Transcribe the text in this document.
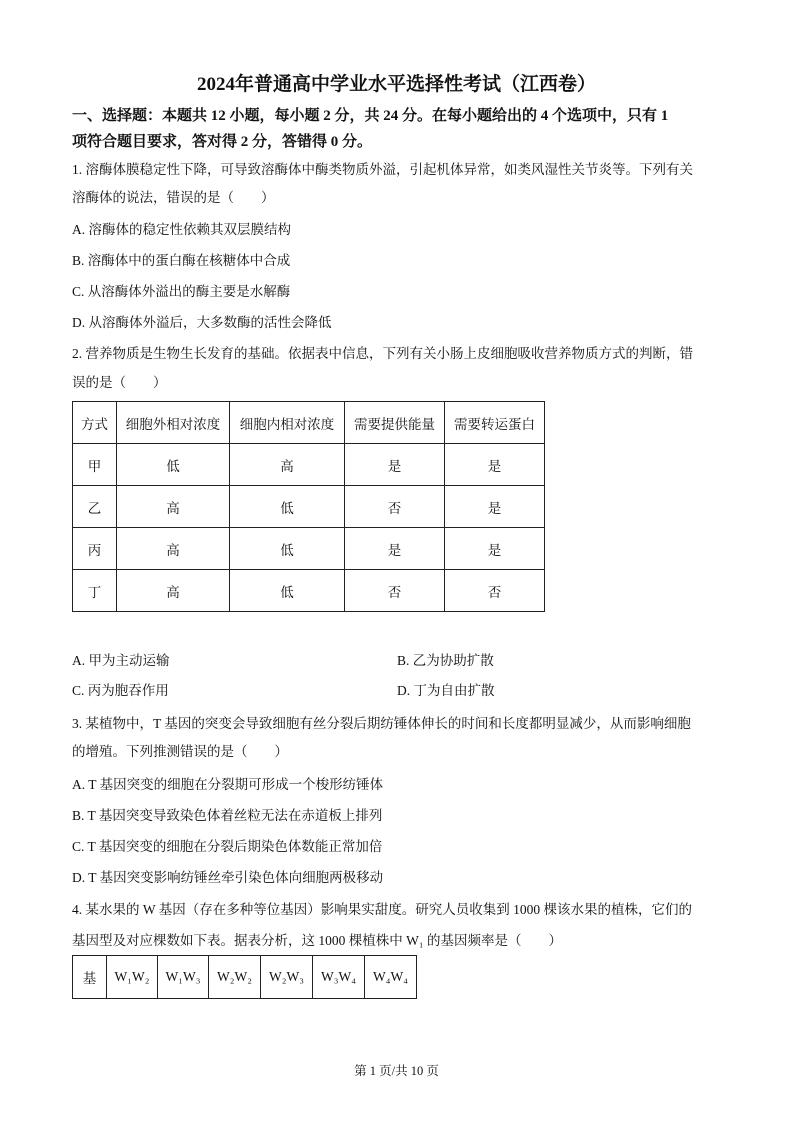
2024年普通高中学业水平选择性考试（江西卷）
一、选择题：本题共 12 小题，每小题 2 分，共 24 分。在每小题给出的 4 个选项中，只有 1
项符合题目要求，答对得 2 分，答错得 0 分。
1. 溶酶体膜稳定性下降，可导致溶酶体中酶类物质外溢，引起机体异常，如类风湿性关节炎等。下列有关
溶酶体的说法，错误的是（　　）
A. 溶酶体的稳定性依赖其双层膜结构
B. 溶酶体中的蛋白酶在核糖体中合成
C. 从溶酶体外溢出的酶主要是水解酶
D. 从溶酶体外溢后，大多数酶的活性会降低
2. 营养物质是生物生长发育的基础。依据表中信息，下列有关小肠上皮细胞吸收营养物质方式的判断，错
误的是（　　）
方式	细胞外相对浓度	细胞内相对浓度	需要提供能量	需要转运蛋白
甲	低	高	是	是
乙	高	低	否	是
丙	高	低	是	是
丁	高	低	否	否
A. 甲为主动运输	B. 乙为协助扩散
C. 丙为胞吞作用	D. 丁为自由扩散
3. 某植物中，T 基因的突变会导致细胞有丝分裂后期纺锤体伸长的时间和长度都明显减少，从而影响细胞
的增殖。下列推测错误的是（　　）
A. T 基因突变的细胞在分裂期可形成一个梭形纺锤体
B. T 基因突变导致染色体着丝粒无法在赤道板上排列
C. T 基因突变的细胞在分裂后期染色体数能正常加倍
D. T 基因突变影响纺锤丝牵引染色体向细胞两极移动
4. 某水果的 W 基因（存在多种等位基因）影响果实甜度。研究人员收集到 1000 棵该水果的植株，它们的
基因型及对应棵数如下表。据表分析，这 1000 棵植株中 W₁ 的基因频率是（　　）
基	W₁W₂	W₁W₃	W₂W₂	W₂W₃	W₃W₄	W₄W₄
第 1 页/共 10 页
